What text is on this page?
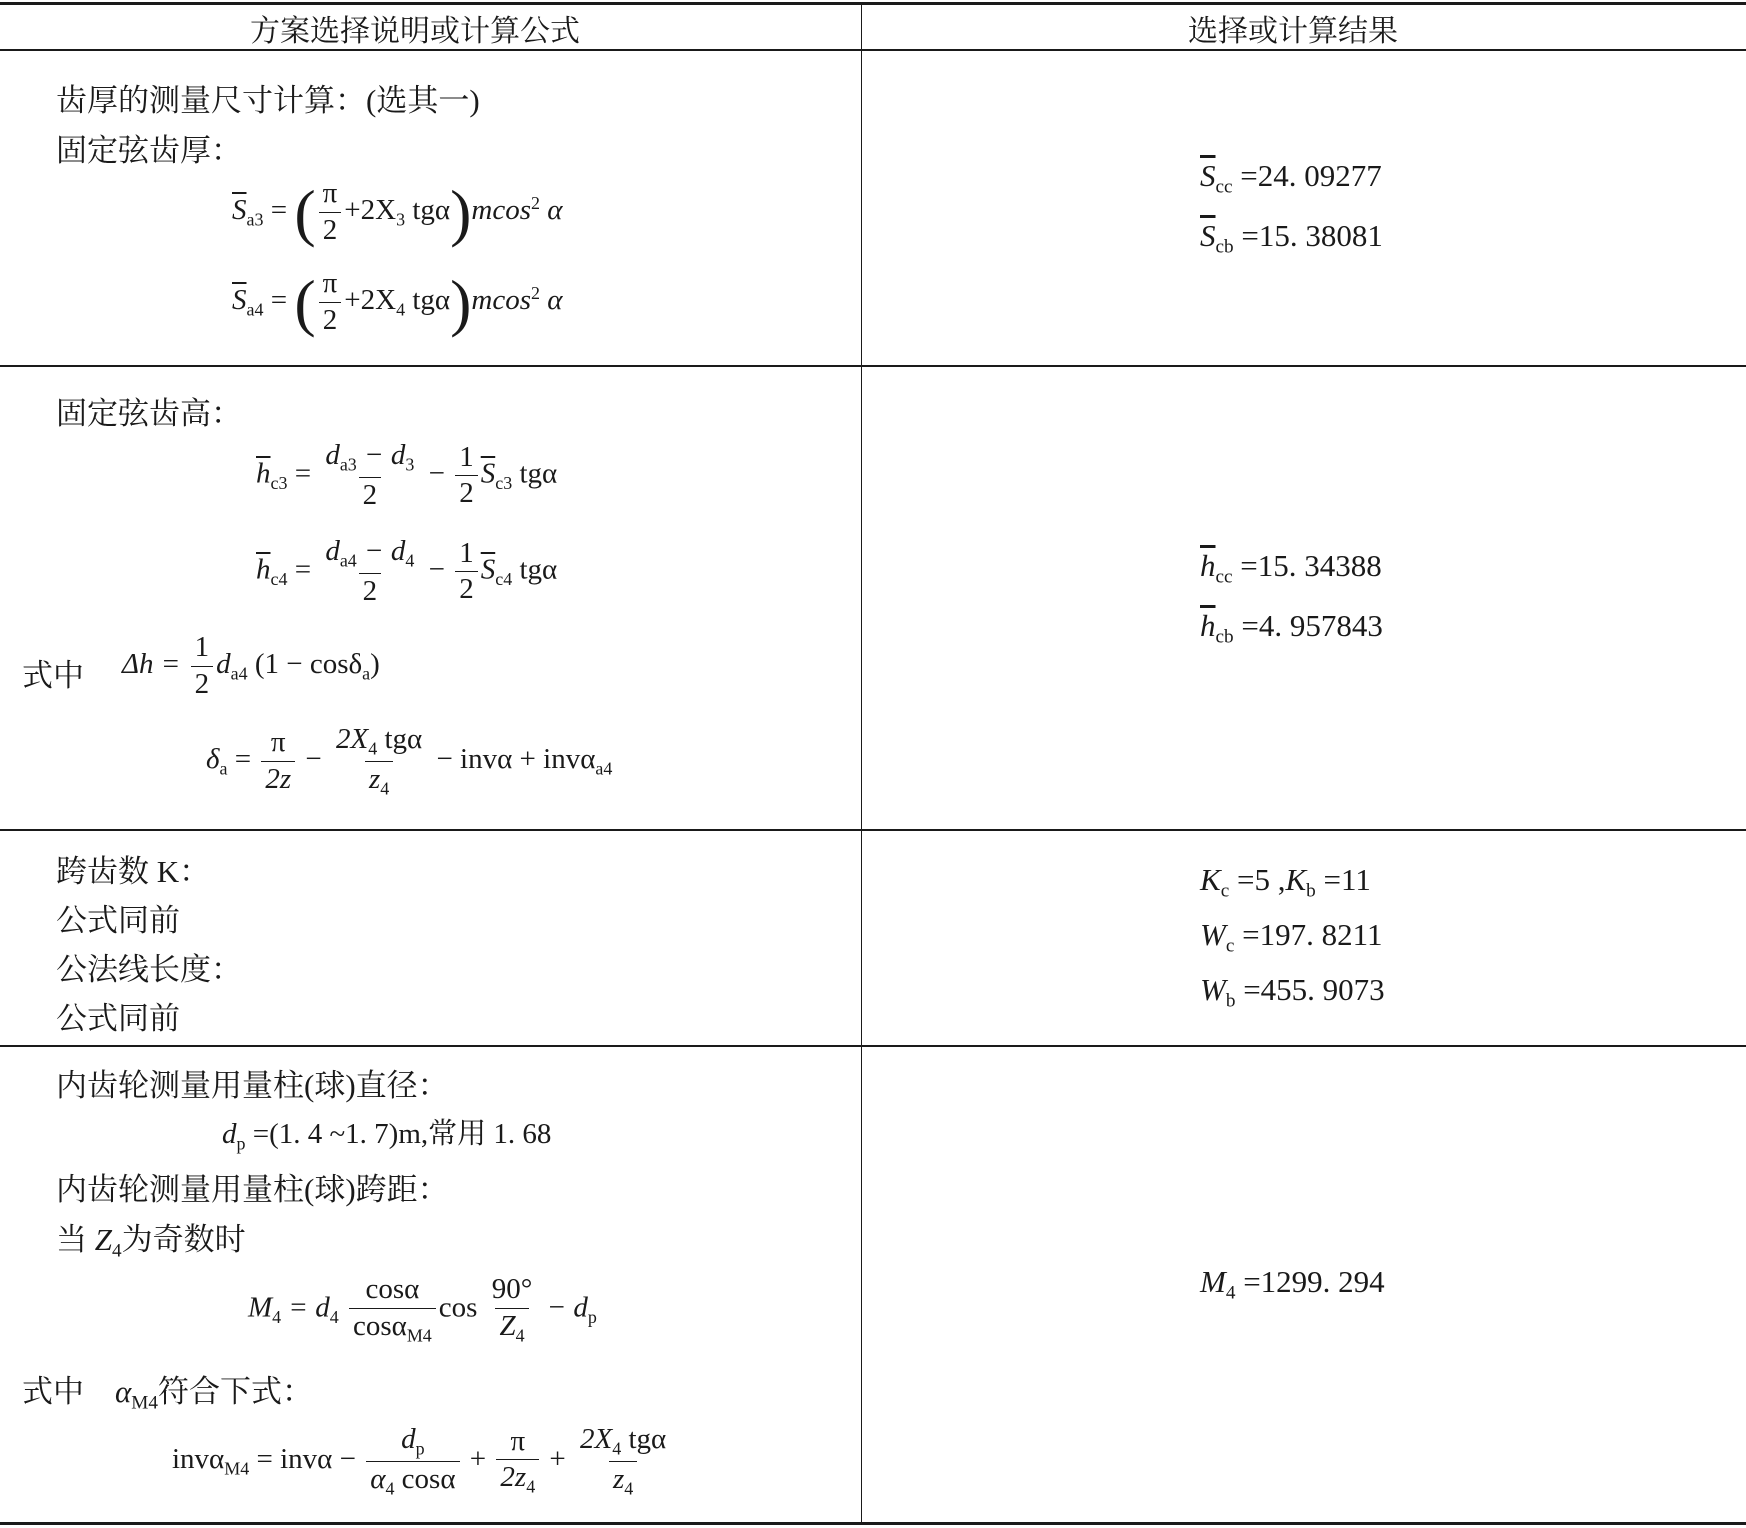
方案选择说明或计算公式	选择或计算结果
齿厚的测量尺寸计算：(选其一)
固定弦齿厚：
$\overline{S}_{a3}$ = ( $\frac{\pi}{2} +2X_3$ tgα)mcos$^2$ α
$\overline{S}_{a4}$ = ( $\frac{\pi}{2} +2X_4$ tgα)mcos$^2$ α
$\overline{S}_{cc} =24$. 09277
$\overline{S}_{cb} =15$. 38081
固定弦齿高：
$\overline{h}_{c3} = \frac{d_{a3} - d_3}{2} - \frac{1}{2} \overline{S}_{c3}$ tgα
$\overline{h}_{c4} = \frac{d_{a4} - d_4}{2} - \frac{1}{2} \overline{S}_{c4}$ tgα
式中 $\Delta h = \frac{1}{2} d_{a4}$ (1 − cosδ$_a$)
$\delta_a = \frac{\pi}{2z} - \frac{2X_4 tg\alpha}{z_4} - inv\alpha + inv\alpha_{a4}$
$\overline{h}_{cc} =15$. 34388
$\overline{h}_{cb} =4$. 957843
跨齿数 K：
公式同前
公法线长度：
公式同前
$K_c =5$ $,K_b =11$
$W_c =197$. 8211
$W_b =455$. 9073
内齿轮测量用量柱(球)直径：
$d_p =(1$. 4 ~1. 7)m,常用 1. 68
内齿轮测量用量柱(球)跨距：
当 $Z_4$为奇数时
$M_4 = d_4 \frac{\cos\alpha}{\cos\alpha_{M4}}$ $\cos \frac{90^\circ}{Z_4} - d_p$
式中 $\alpha_{M4}$符合下式：
$inv\alpha_{M4} = inv\alpha - \frac{d_p}{\alpha_4 \cos\alpha} + \frac{\pi}{2z_4} + \frac{2X_4 tg\alpha}{z_4}$
$M_4 =1299$. 294
